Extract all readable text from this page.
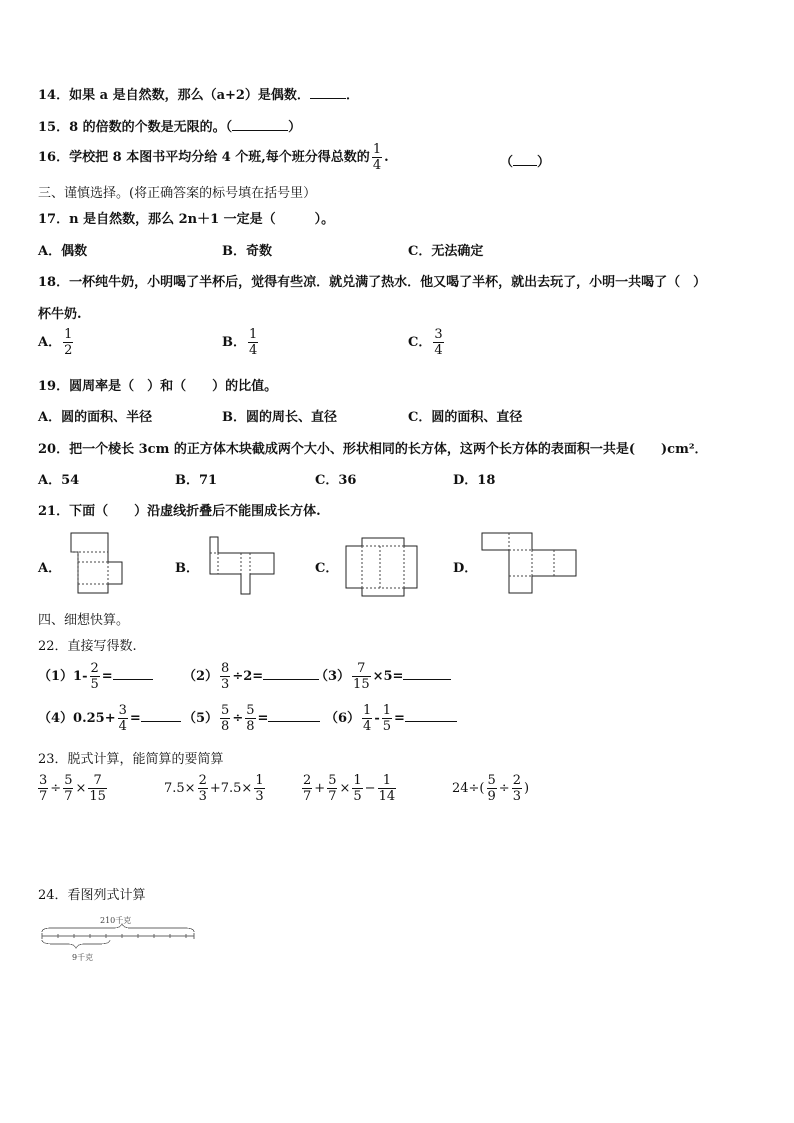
14．如果 a 是自然数，那么（a+2）是偶数．	．
15．8 的倍数的个数是无限的。（	）
16．学校把 8 本图书平均分给 4 个班,每个班分得总数的 $\frac{1}{4}$ .	（ ）
三、谨慎选择。(将正确答案的标号填在括号里）
17．n 是自然数，那么 2n＋1 一定是（　　　）。
A．偶数	B．奇数	C．无法确定
18．一杯纯牛奶，小明喝了半杯后，觉得有些凉．就兑满了热水．他又喝了半杯，就出去玩了，小明一共喝了（　）
杯牛奶.
A． $\frac{1}{2}$	B． $\frac{1}{4}$	C． $\frac{3}{4}$
19．圆周率是（　）和（　　）的比值。
A．圆的面积、半径	B．圆的周长、直径	C．圆的面积、直径
20．把一个棱长 3cm 的正方体木块截成两个大小、形状相同的长方体，这两个长方体的表面积一共是(　　)cm²．
A．54	B．71	C．36	D．18
21．下面（　　）沿虚线折叠后不能围成长方体.
A．	B．	C．	D．
四、细想快算。
22．直接写得数.
$(1)1- \frac{2}{5}$ =	$(2) \frac{8}{3} \div 2=$	$(3) \frac{7}{15} \times 5=$
$(4)0.25+ \frac{3}{4}$ =	$(5) \frac{5}{8} \div \frac{5}{8}$ =	$(6) \frac{1}{4} - \frac{1}{5}$ =
23．脱式计算，能简算的要简算
$\frac{3}{7} \div \frac{5}{7} \times \frac{7}{15}$	$7.5\times \frac{2}{3} +7.5\times \frac{1}{3}$	$\frac{2}{7} + \frac{5}{7} \times \frac{1}{5} - \frac{1}{14}$	$24\div( \frac{5}{9} \div \frac{2}{3}$ )
24．看图列式计算
210千克
9千克
